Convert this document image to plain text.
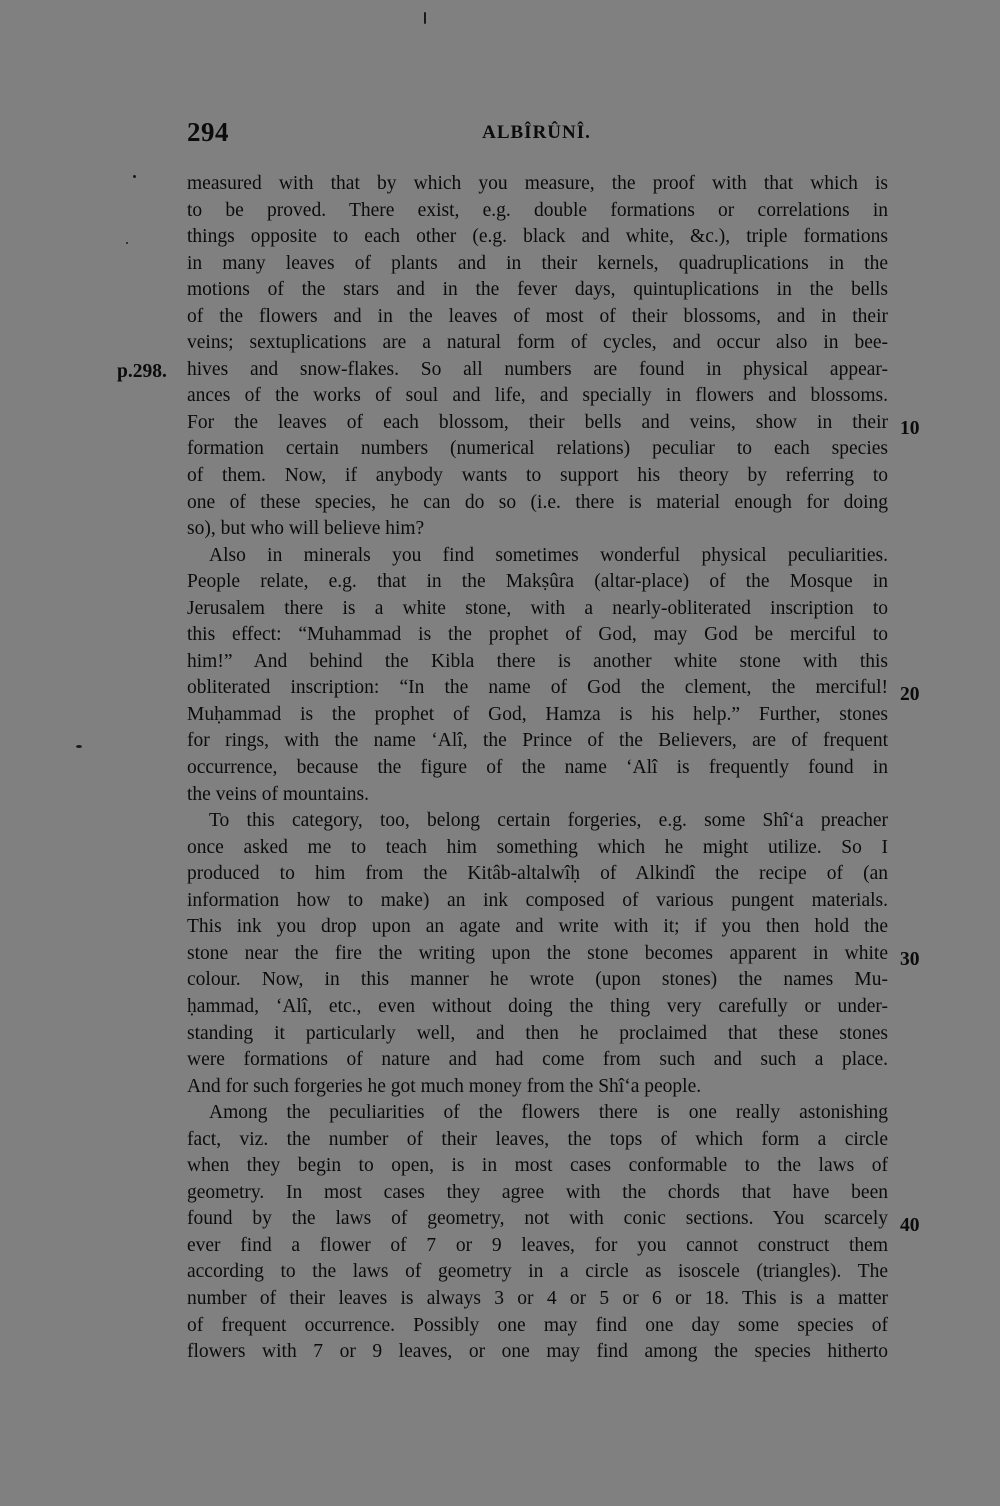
294	ALBÎRÛNÎ.
p.298.
10
20
30
40
measured with that by which you measure, the proof with that which is
to be proved. There exist, e.g. double formations or correlations in
things opposite to each other (e.g. black and white, &c.), triple formations
in many leaves of plants and in their kernels, quadruplications in the
motions of the stars and in the fever days, quintuplications in the bells
of the flowers and in the leaves of most of their blossoms, and in their
veins; sextuplications are a natural form of cycles, and occur also in bee-
hives and snow-flakes. So all numbers are found in physical appear-
ances of the works of soul and life, and specially in flowers and blossoms.
For the leaves of each blossom, their bells and veins, show in their
formation certain numbers (numerical relations) peculiar to each species
of them. Now, if anybody wants to support his theory by referring to
one of these species, he can do so (i.e. there is material enough for doing
so), but who will believe him?
Also in minerals you find sometimes wonderful physical peculiarities.
People relate, e.g. that in the Makṣûra (altar-place) of the Mosque in
Jerusalem there is a white stone, with a nearly-obliterated inscription to
this effect: “Muhammad is the prophet of God, may God be merciful to
him!” And behind the Kibla there is another white stone with this
obliterated inscription: “In the name of God the clement, the merciful!
Muḥammad is the prophet of God, Hamza is his help.” Further, stones
for rings, with the name ‘Alî, the Prince of the Believers, are of frequent
occurrence, because the figure of the name ‘Alî is frequently found in
the veins of mountains.
To this category, too, belong certain forgeries, e.g. some Shî‘a preacher
once asked me to teach him something which he might utilize. So I
produced to him from the Kitâb-altalwîḥ of Alkindî the recipe of (an
information how to make) an ink composed of various pungent materials.
This ink you drop upon an agate and write with it; if you then hold the
stone near the fire the writing upon the stone becomes apparent in white
colour. Now, in this manner he wrote (upon stones) the names Mu-
ḥammad, ‘Alî, etc., even without doing the thing very carefully or under-
standing it particularly well, and then he proclaimed that these stones
were formations of nature and had come from such and such a place.
And for such forgeries he got much money from the Shî‘a people.
Among the peculiarities of the flowers there is one really astonishing
fact, viz. the number of their leaves, the tops of which form a circle
when they begin to open, is in most cases conformable to the laws of
geometry. In most cases they agree with the chords that have been
found by the laws of geometry, not with conic sections. You scarcely
ever find a flower of 7 or 9 leaves, for you cannot construct them
according to the laws of geometry in a circle as isoscele (triangles). The
number of their leaves is always 3 or 4 or 5 or 6 or 18. This is a matter
of frequent occurrence. Possibly one may find one day some species of
flowers with 7 or 9 leaves, or one may find among the species hitherto
